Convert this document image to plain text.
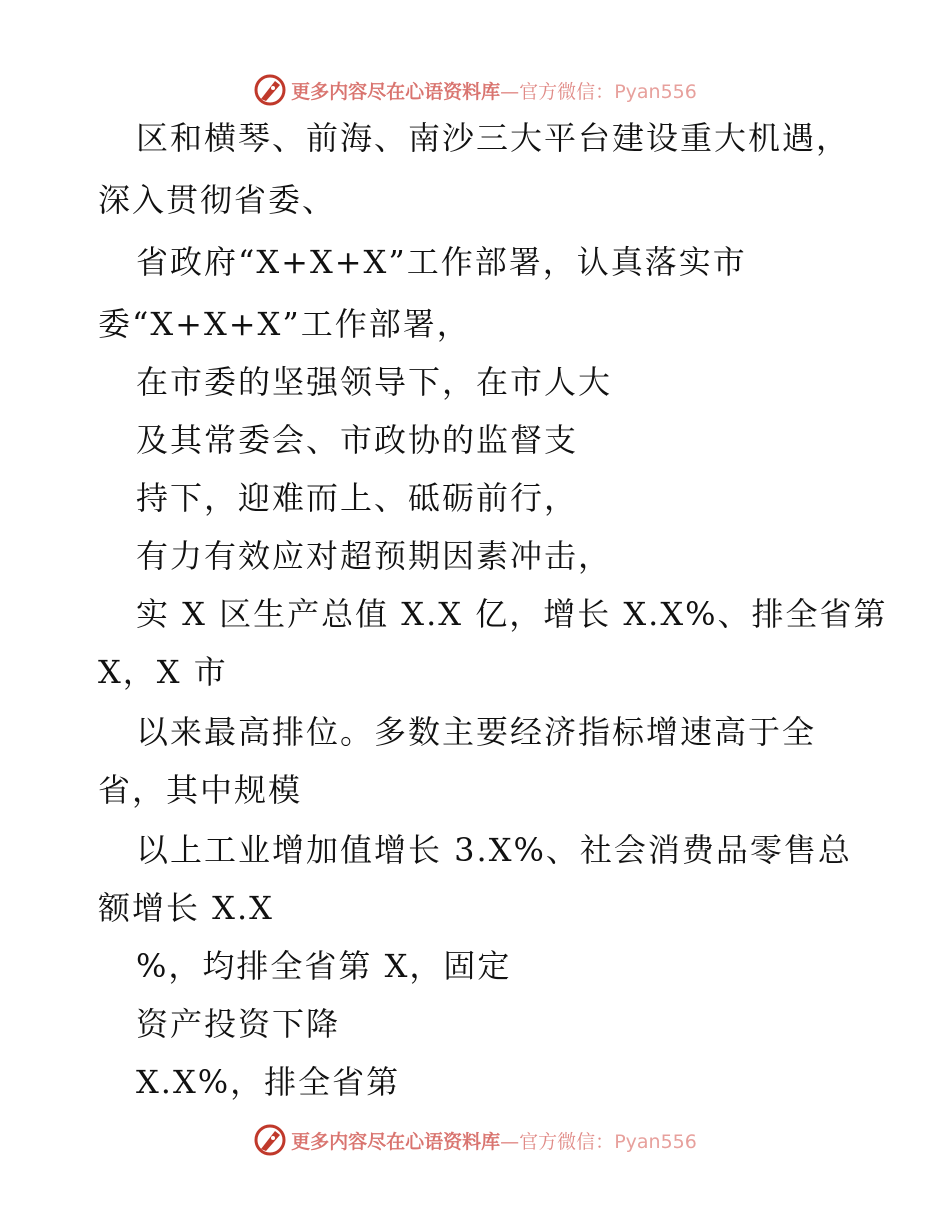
更多内容尽在心语资料库—官方微信：Pyan556
区和横琴、前海、南沙三大平台建设重大机遇，
深入贯彻省委、
省政府“X+X+X”工作部署，认真落实市
委“X+X+X”工作部署，
在市委的坚强领导下，在市人大
及其常委会、市政协的监督支
持下，迎难而上、砥砺前行，
有力有效应对超预期因素冲击，
实 X 区生产总值 X.X 亿，增长 X.X%、排全省第
X，X 市
以来最高排位。多数主要经济指标增速高于全
省，其中规模
以上工业增加值增长 3.X%、社会消费品零售总
额增长 X.X
%，均排全省第 X，固定
资产投资下降
X.X%，排全省第
更多内容尽在心语资料库—官方微信：Pyan556
